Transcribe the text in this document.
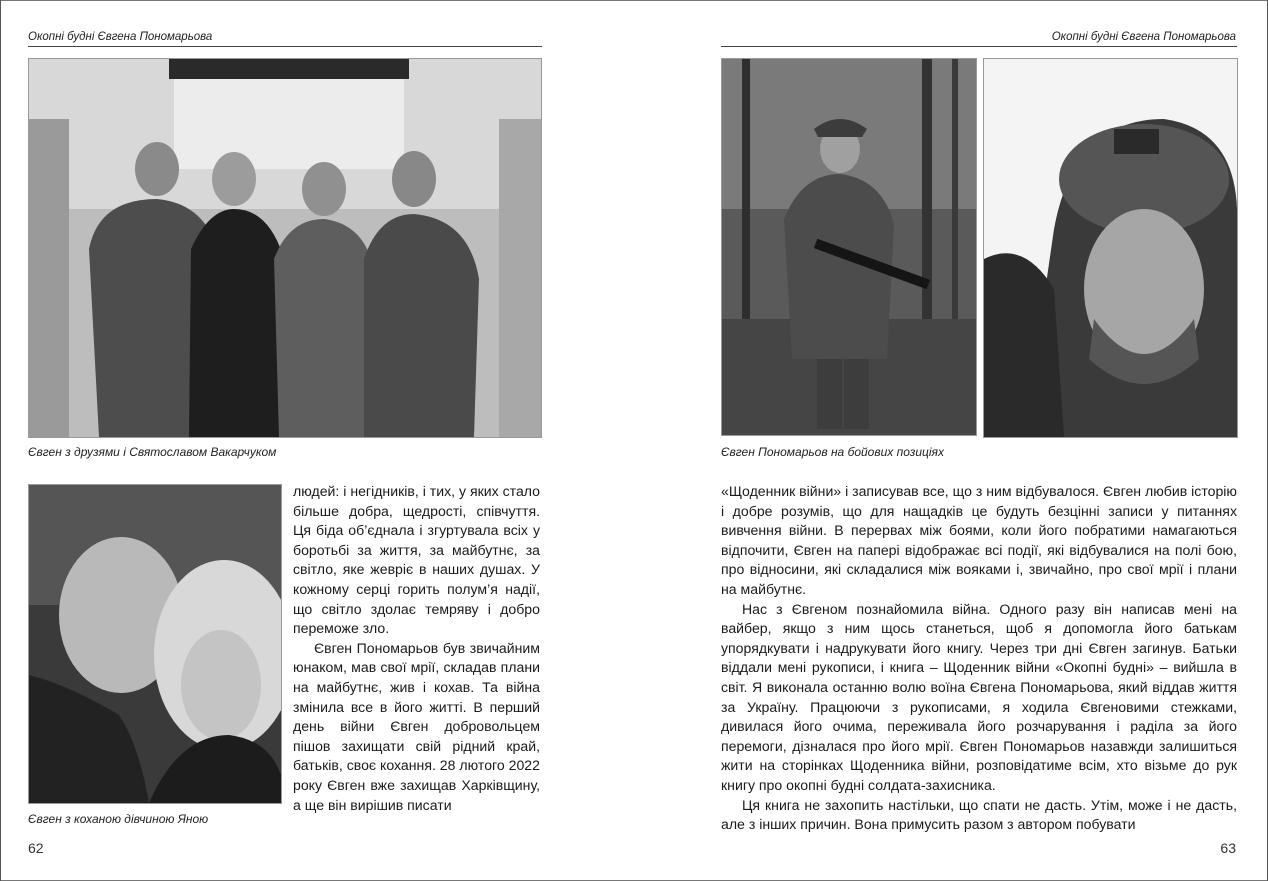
Окопні будні Євгена Пономарьова
Євген з друзями і Святославом Вакарчуком
Євген з коханою дівчиною Яною

людей: і негідників, і тих, у яких стало більше добра, щедрості, співчуття. Ця біда об’єднала і згуртувала всіх у боротьбі за життя, за майбутнє, за світло, яке жевріє в наших душах. У кожному серці горить полум’я надії, що світло здолає темряву і добро переможе зло.

Євген Пономарьов був звичайним юнаком, мав свої мрії, складав плани на майбутнє, жив і кохав. Та війна змінила все в його житті. В перший день війни Євген добровольцем пішов захищати свій рідний край, батьків, своє кохання. 28 лютого 2022 року Євген вже захищав Харківщину, а ще він вирішив писати

62
Окопні будні Євгена Пономарьова
Євген Пономарьов на бойових позиціях

«Щоденник війни» і записував все, що з ним відбувалося. Євген любив історію і добре розумів, що для нащадків це будуть безцінні записи у питаннях вивчення війни. В перервах між боями, коли його побратими намагаються відпочити, Євген на папері відображає всі події, які відбувалися на полі бою, про відносини, які складалися між вояками і, звичайно, про свої мрії і плани на майбутнє.

Нас з Євгеном познайомила війна. Одного разу він написав мені на вайбер, якщо з ним щось станеться, щоб я допомогла його батькам упорядкувати і надрукувати його книгу. Через три дні Євген загинув. Батьки віддали мені рукописи, і книга – Щоденник війни «Окопні будні» – вийшла в світ. Я виконала останню волю воїна Євгена Пономарьова, який віддав життя за Україну. Працюючи з рукописами, я ходила Євгеновими стежками, дивилася його очима, переживала його розчарування і раділа за його перемоги, дізналася про його мрії. Євген Пономарьов назавжди залишиться жити на сторінках Щоденника війни, розповідатиме всім, хто візьме до рук книгу про окопні будні солдата-захисника.

Ця книга не захопить настільки, що спати не дасть. Утім, може і не дасть, але з інших причин. Вона примусить разом з автором побувати

63
